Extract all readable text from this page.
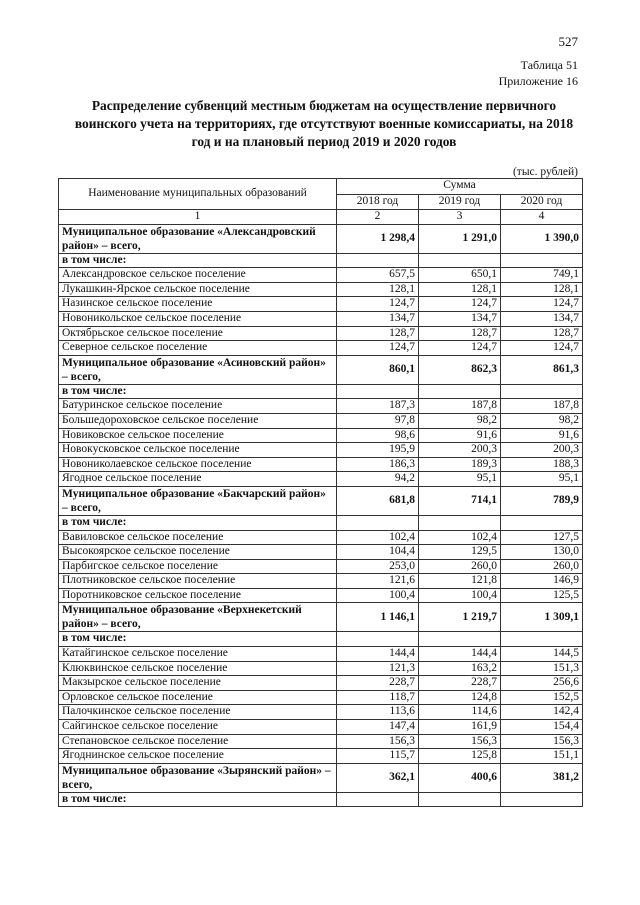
527
Таблица 51
Приложение 16
Распределение субвенций местным бюджетам на осуществление первичного воинского учета на территориях, где отсутствуют военные комиссариаты, на 2018 год и на плановый период 2019 и 2020 годов
(тыс. рублей)
Наименование муниципальных образований	Сумма		
	2018 год	2019 год	2020 год
1	2	3	4
Муниципальное образование «Александровский район» – всего,	1 298,4	1 291,0	1 390,0
в том числе:			
Александровское сельское поселение	657,5	650,1	749,1
Лукашкин-Ярское сельское поселение	128,1	128,1	128,1
Назинское сельское поселение	124,7	124,7	124,7
Новоникольское сельское поселение	134,7	134,7	134,7
Октябрьское сельское поселение	128,7	128,7	128,7
Северное сельское поселение	124,7	124,7	124,7
Муниципальное образование «Асиновский район» – всего,	860,1	862,3	861,3
в том числе:			
Батуринское сельское поселение	187,3	187,8	187,8
Большедороховское сельское поселение	97,8	98,2	98,2
Новиковское сельское поселение	98,6	91,6	91,6
Новокусковское сельское поселение	195,9	200,3	200,3
Новониколаевское сельское поселение	186,3	189,3	188,3
Ягодное сельское поселение	94,2	95,1	95,1
Муниципальное образование «Бакчарский район» – всего,	681,8	714,1	789,9
в том числе:			
Вавиловское сельское поселение	102,4	102,4	127,5
Высокоярское сельское поселение	104,4	129,5	130,0
Парбигское сельское поселение	253,0	260,0	260,0
Плотниковское сельское поселение	121,6	121,8	146,9
Поротниковское сельское поселение	100,4	100,4	125,5
Муниципальное образование «Верхнекетский район» – всего,	1 146,1	1 219,7	1 309,1
в том числе:			
Катайгинское сельское поселение	144,4	144,4	144,5
Клюквинское сельское поселение	121,3	163,2	151,3
Макзырское сельское поселение	228,7	228,7	256,6
Орловское сельское поселение	118,7	124,8	152,5
Палочкинское сельское поселение	113,6	114,6	142,4
Сайгинское сельское поселение	147,4	161,9	154,4
Степановское сельское поселение	156,3	156,3	156,3
Ягоднинское сельское поселение	115,7	125,8	151,1
Муниципальное образование «Зырянский район» – всего,	362,1	400,6	381,2
в том числе:			
